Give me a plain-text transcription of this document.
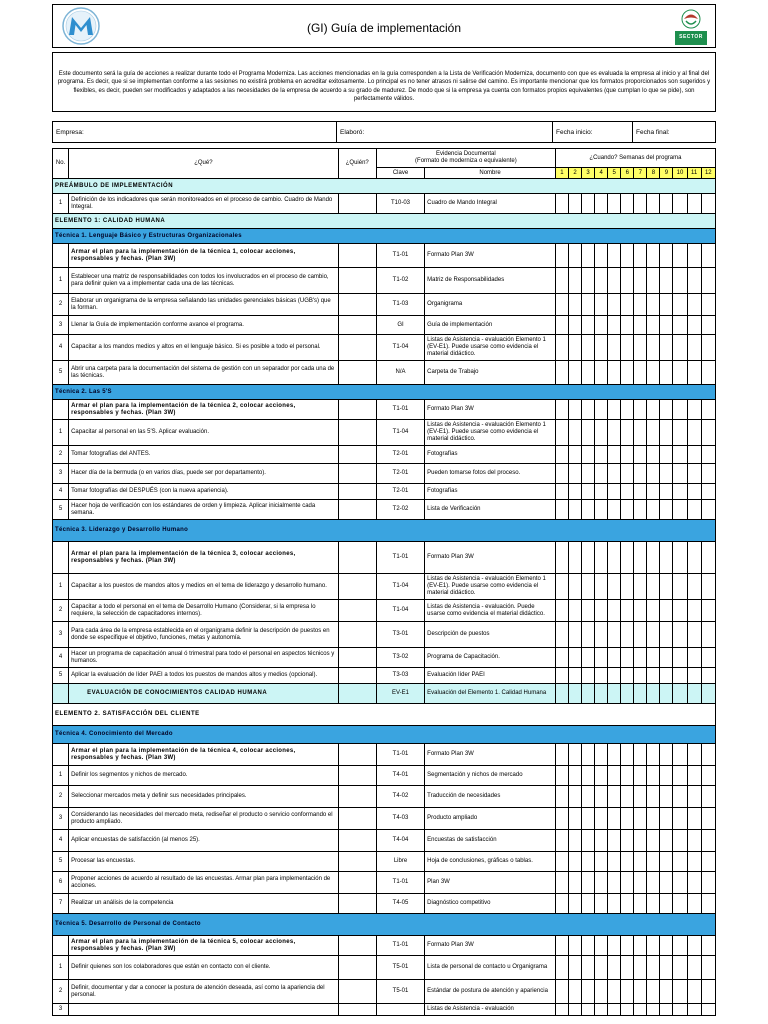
(GI) Guía de implementación
SECTOR
Este documento será la guía de acciones a realizar durante todo el Programa Moderniza. Las acciones mencionadas en la guía corresponden a la Lista de Verificación Moderniza, documento con que es evaluada la empresa al inicio y al final del programa. Es decir, que si se implementan conforme a las sesiones no existirá problema en acreditar exitosamente. Lo principal es no tener atrasos ni salirse del camino. Es importante mencionar que los formatos proporcionados son sugeridos y flexibles, es decir, pueden ser modificados y adaptados a las necesidades de la empresa de acuerdo a su grado de madurez. De modo que si la empresa ya cuenta con formatos propios equivalentes (que cumplan lo que se pide), son perfectamente válidos.
Empresa:	Elaboró:	Fecha inicio:	Fecha final:
No.	¿Qué?	¿Quién?	Evidencia Documental
(Formato de moderniza o equivalente)		¿Cuando? Semanas del programa											
			Clave	Nombre	1	2	3	4	5	6	7	8	9	10	11	12
PREÁMBULO DE IMPLEMENTACIÓN																
1	Definición de los indicadores que serán monitoreados en el proceso de cambio. Cuadro de Mando Integral.		T10-03	Cuadro de Mando Integral												
ELEMENTO 1: CALIDAD HUMANA																
Técnica 1. Lenguaje Básico y Estructuras Organizacionales																
	Armar el plan para la implementación de la técnica 1, colocar acciones, responsables y fechas. (Plan 3W)		T1-01	Formato Plan 3W												
1	Establecer una matriz de responsabilidades con todos los involucrados en el proceso de cambio, para definir quien va a implementar cada una de las técnicas.		T1-02	Matriz de Responsabilidades												
2	Elaborar un organigrama de la empresa señalando las unidades gerenciales básicas (UGB's) que la forman.		T1-03	Organigrama												
3	Llenar la Guía de implementación conforme avance el programa.		GI	Guía de implementación												
4	Capacitar a los mandos medios y altos en el lenguaje básico. Si es posible a todo el personal.		T1-04	Listas de Asistencia - evaluación Elemento 1 (EV-E1). Puede usarse como evidencia el material didáctico.												
5	Abrir una carpeta para la documentación del sistema de gestión con un separador por cada una de las técnicas.		N/A	Carpeta de Trabajo												
Técnica 2. Las 5'S																
	Armar el plan para la implementación de la técnica 2, colocar acciones, responsables y fechas. (Plan 3W)		T1-01	Formato Plan 3W												
1	Capacitar al personal en las 5'S. Aplicar evaluación.		T1-04	Listas de Asistencia - evaluación Elemento 1 (EV-E1). Puede usarse como evidencia el material didáctico.												
2	Tomar fotografías del ANTES.		T2-01	Fotografías												
3	Hacer día de la bermuda (o en varios días, puede ser por departamento).		T2-01	Pueden tomarse fotos del proceso.												
4	Tomar fotografías del DESPUÉS (con la nueva apariencia).		T2-01	Fotografías												
5	Hacer hoja de verificación con los estándares de orden y limpieza. Aplicar inicialmente cada semana.		T2-02	Lista de Verificación												
Técnica 3. Liderazgo y Desarrollo Humano																
	Armar el plan para la implementación de la técnica 3, colocar acciones, responsables y fechas. (Plan 3W)		T1-01	Formato Plan 3W												
1	Capacitar a los puestos de mandos altos y medios en el tema de liderazgo y desarrollo humano.		T1-04	Listas de Asistencia - evaluación Elemento 1 (EV-E1). Puede usarse como evidencia el material didáctico.												
2	Capacitar a todo el personal en el tema de Desarrollo Humano (Considerar, si la empresa lo requiere, la selección de capacitadores internos).		T1-04	Listas de Asistencia - evaluación. Puede usarse como evidencia el material didáctico.												
3	Para cada área de la empresa establecida en el organigrama definir la descripción de puestos en donde se especifique el objetivo, funciones, metas y autonomía.		T3-01	Descripción de puestos												
4	Hacer un programa de capacitación anual ó trimestral para todo el personal en aspectos técnicos y humanos.		T3-02	Programa de Capacitación.												
5	Aplicar la evaluación de líder PAEI a todos los puestos de mandos altos y medios (opcional).		T3-03	Evaluación líder PAEI												
	EVALUACIÓN DE CONOCIMIENTOS CALIDAD HUMANA		EV-E1	Evaluación del Elemento 1. Calidad Humana												
ELEMENTO 2. SATISFACCIÓN DEL CLIENTE																
Técnica 4. Conocimiento del Mercado																
	Armar el plan para la implementación de la técnica 4, colocar acciones, responsables y fechas. (Plan 3W)		T1-01	Formato Plan 3W												
1	Definir los segmentos y nichos de mercado.		T4-01	Segmentación y nichos de mercado												
2	Seleccionar mercados meta y definir sus necesidades principales.		T4-02	Traducción de necesidades												
3	Considerando las necesidades del mercado meta, rediseñar el producto o servicio conformando el producto ampliado.		T4-03	Producto ampliado												
4	Aplicar encuestas de satisfacción (al menos 25).		T4-04	Encuestas de satisfacción												
5	Procesar las encuestas.		Libre	Hoja de conclusiones, gráficas o tablas.												
6	Proponer acciones de acuerdo al resultado de las encuestas. Armar plan para implementación de acciones.		T1-01	Plan 3W												
7	Realizar un análisis de la competencia		T4-05	Diagnóstico competitivo												
Técnica 5. Desarrollo de Personal de Contacto																
	Armar el plan para la implementación de la técnica 5, colocar acciones, responsables y fechas. (Plan 3W)		T1-01	Formato Plan 3W												
1	Definir quienes son los colaboradores que están en contacto con el cliente.		T5-01	Lista de personal de contacto u Organigrama												
2	Definir, documentar y dar a conocer la postura de atención deseada, así como la apariencia del personal.		T5-01	Estándar de postura de atención y apariencia												
3				Listas de Asistencia - evaluación												
